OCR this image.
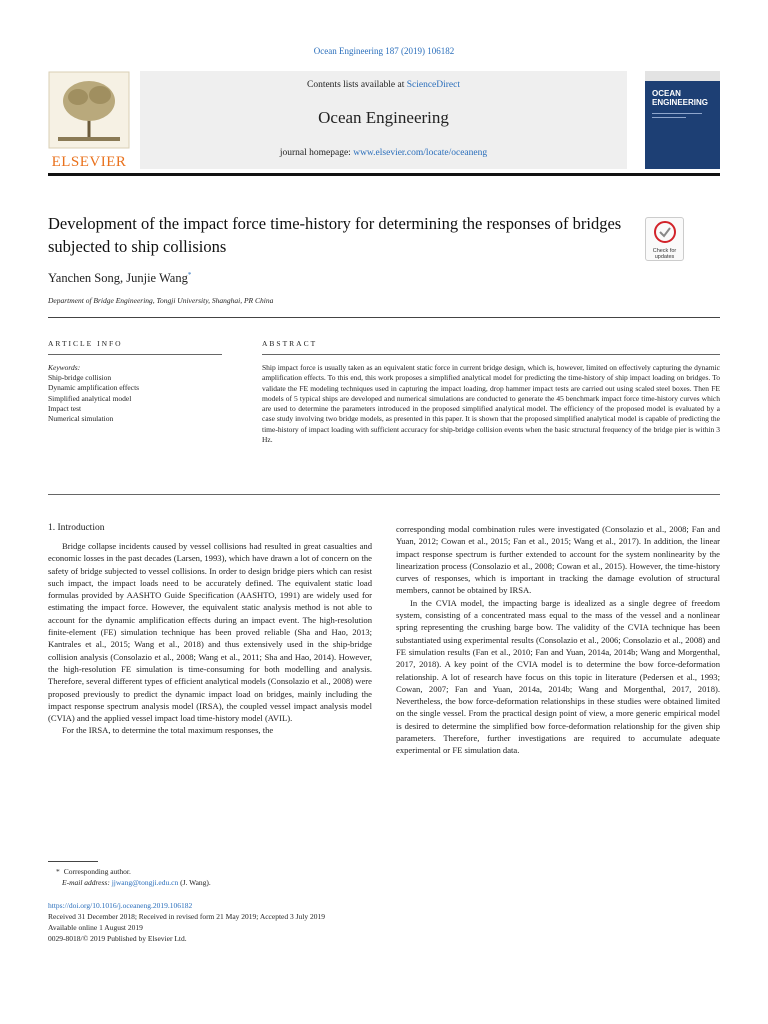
Ocean Engineering 187 (2019) 106182
ELSEVIER
Contents lists available at ScienceDirect
Ocean Engineering
journal homepage: www.elsevier.com/locate/oceaneng
OCEAN
ENGINEERING
Development of the impact force time-history for determining the responses of bridges subjected to ship collisions	Check for updates
Yanchen Song, Junjie Wang*
Department of Bridge Engineering, Tongji University, Shanghai, PR China
ARTICLE INFO	ABSTRACT
Keywords:
Ship-bridge collision
Dynamic amplification effects
Simplified analytical model
Impact test
Numerical simulation
Ship impact force is usually taken as an equivalent static force in current bridge design, which is, however, limited on effectively capturing the dynamic amplification effects. To this end, this work proposes a simplified analytical model for predicting the time-history of ship impact loading on bridges. To validate the FE modeling techniques used in capturing the impact loading, drop hammer impact tests are carried out using scaled steel boxes. Then FE models of 5 typical ships are developed and numerical simulations are conducted to generate the 45 benchmark impact force time-history curves which are used to determine the parameters introduced in the proposed simplified analytical model. The efficiency of the proposed model is evaluated by a case study involving two bridge models, as presented in this paper. It is shown that the proposed simplified analytical model is capable of predicting the time-history of impact loading with sufficient accuracy for ship-bridge collision events when the basic structural frequency of the bridge pier is within 3 Hz.
1. Introduction

Bridge collapse incidents caused by vessel collisions had resulted in great casualties and economic losses in the past decades (Larsen, 1993), which have drawn a lot of concern on the safety of bridge subjected to vessel collisions. In order to design bridge piers which can resist such impact, the impact loads need to be accurately defined. The equivalent static load formulas provided by AASHTO Guide Specification (AASHTO, 1991) are widely used for estimating the impact force. However, the equivalent static analysis method is not able to account for the dynamic amplification effects during an impact event. The high-resolution finite-element (FE) simulation technique has been proved reliable (Sha and Hao, 2013; Kantrales et al., 2015; Wang et al., 2018) and thus extensively used in the ship-bridge collision analysis (Consolazio et al., 2008; Wang et al., 2011; Sha and Hao, 2014). However, the high-resolution FE simulation is time-consuming for both modelling and analysis. Therefore, several different types of efficient analytical models (Consolazio et al., 2008) were proposed previously to predict the dynamic impact load on bridges, mainly including the impact response spectrum analysis model (IRSA), the coupled vessel impact analysis model (CVIA) and the applied vessel impact load time-history model (AVIL).

For the IRSA, to determine the total maximum responses, the

corresponding modal combination rules were investigated (Consolazio et al., 2008; Fan and Yuan, 2012; Cowan et al., 2015; Fan et al., 2015; Wang et al., 2017). In addition, the linear impact response spectrum is further extended to account for the system nonlinearity by the linearization process (Consolazio et al., 2008; Cowan et al., 2015). However, the time-history curves of responses, which is important in tracking the damage evolution of structural members, cannot be obtained by IRSA.

In the CVIA model, the impacting barge is idealized as a single degree of freedom system, consisting of a concentrated mass equal to the mass of the vessel and a nonlinear spring representing the crushing barge bow. The validity of the CVIA technique has been substantiated using experimental results (Consolazio et al., 2006; Consolazio et al., 2008) and FE simulation results (Fan et al., 2010; Fan and Yuan, 2014a, 2014b; Wang and Morgenthal, 2017, 2018). A key point of the CVIA model is to determine the bow force-deformation relationship. A lot of research have focus on this topic in literature (Pedersen et al., 1993; Cowan, 2007; Fan and Yuan, 2014a, 2014b; Wang and Morgenthal, 2017, 2018). Nevertheless, the bow force-deformation relationships in these studies were obtained limited on the single vessel. From the practical design point of view, a more generic empirical model is desired to determine the simplified bow force-deformation relationship for the given ship parameters. Therefore, further investigations are required to accumulate adequate experimental or FE simulation data.

* Corresponding author.
E-mail address: jjwang@tongji.edu.cn (J. Wang).
https://doi.org/10.1016/j.oceaneng.2019.106182
Received 31 December 2018; Received in revised form 21 May 2019; Accepted 3 July 2019
Available online 1 August 2019
0029-8018/© 2019 Published by Elsevier Ltd.
